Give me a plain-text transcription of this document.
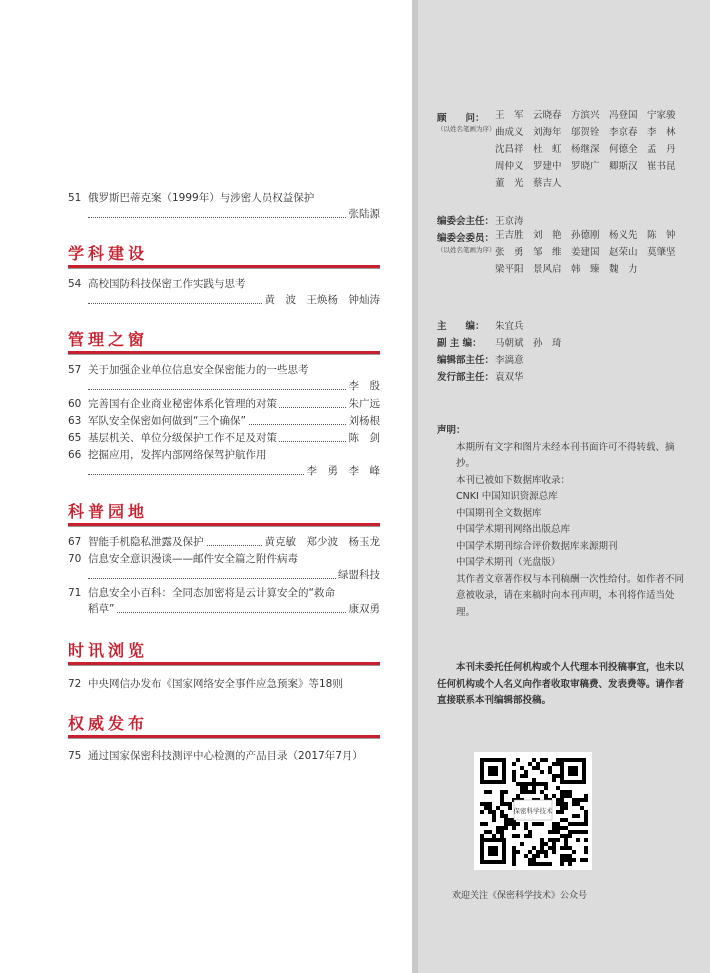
51 俄罗斯巴蒂克案（1999年）与涉密人员权益保护
张陆源
学科建设
54 高校国防科技保密工作实践与思考
黄　波　王焕杨　钟灿涛
管理之窗
57 关于加强企业单位信息安全保密能力的一些思考
李　殷
60 完善国有企业商业秘密体系化管理的对策	朱广远
63 军队安全保密如何做到“三个确保”	刘杨根
65 基层机关、单位分级保护工作不足及对策	陈　剑
66 挖掘应用，发挥内部网络保驾护航作用
李　勇　李　峰
科普园地
67 智能手机隐私泄露及保护	黄克敏　郑少波　杨玉龙
70 信息安全意识漫谈——邮件安全篇之附件病毒
绿盟科技
71 信息安全小百科：全同态加密将是云计算安全的“救命
稻草”	康双勇
时讯浏览
72 中央网信办发布《国家网络安全事件应急预案》等18则
权威发布
75 通过国家保密科技测评中心检测的产品目录（2017年7月）
顾　　问：
（以姓名笔画为序）
王　军 云晓春 方滨兴 冯登国 宁家骏
曲成义 刘海年 邬贺铨 李京春 李　林
沈昌祥 杜　虹 杨继深 何德全 孟　丹
周仲义 罗建中 罗晓广 卿斯汉 崔书昆
董　光 蔡吉人
编委会主任： 王京涛
编委会委员：
（以姓名笔画为序）
王吉胜 刘　艳 孙德刚 杨义先 陈　钟
张　勇 邹　维 姜建国 赵荣山 莫肇坚
梁平阳 景风启 韩　臻 魏　力
主　　编： 朱宜兵
副 主 编： 马朝斌　孙　琦
编辑部主任： 李漓意
发行部主任： 袁双华
声明：
本期所有文字和图片未经本刊书面许可不得转载、摘抄。
本刊已被如下数据库收录：
CNKI 中国知识资源总库
中国期刊全文数据库
中国学术期刊网络出版总库
中国学术期刊综合评价数据库来源期刊
中国学术期刊（光盘版）
其作者文章著作权与本刊稿酬一次性给付。如作者不同意被收录，请在来稿时向本刊声明，本刊将作适当处理。
本刊未委托任何机构或个人代理本刊投稿事宜，也未以任何机构或个人名义向作者收取审稿费、发表费等。请作者直接联系本刊编辑部投稿。
保密科学技术
欢迎关注《保密科学技术》公众号
